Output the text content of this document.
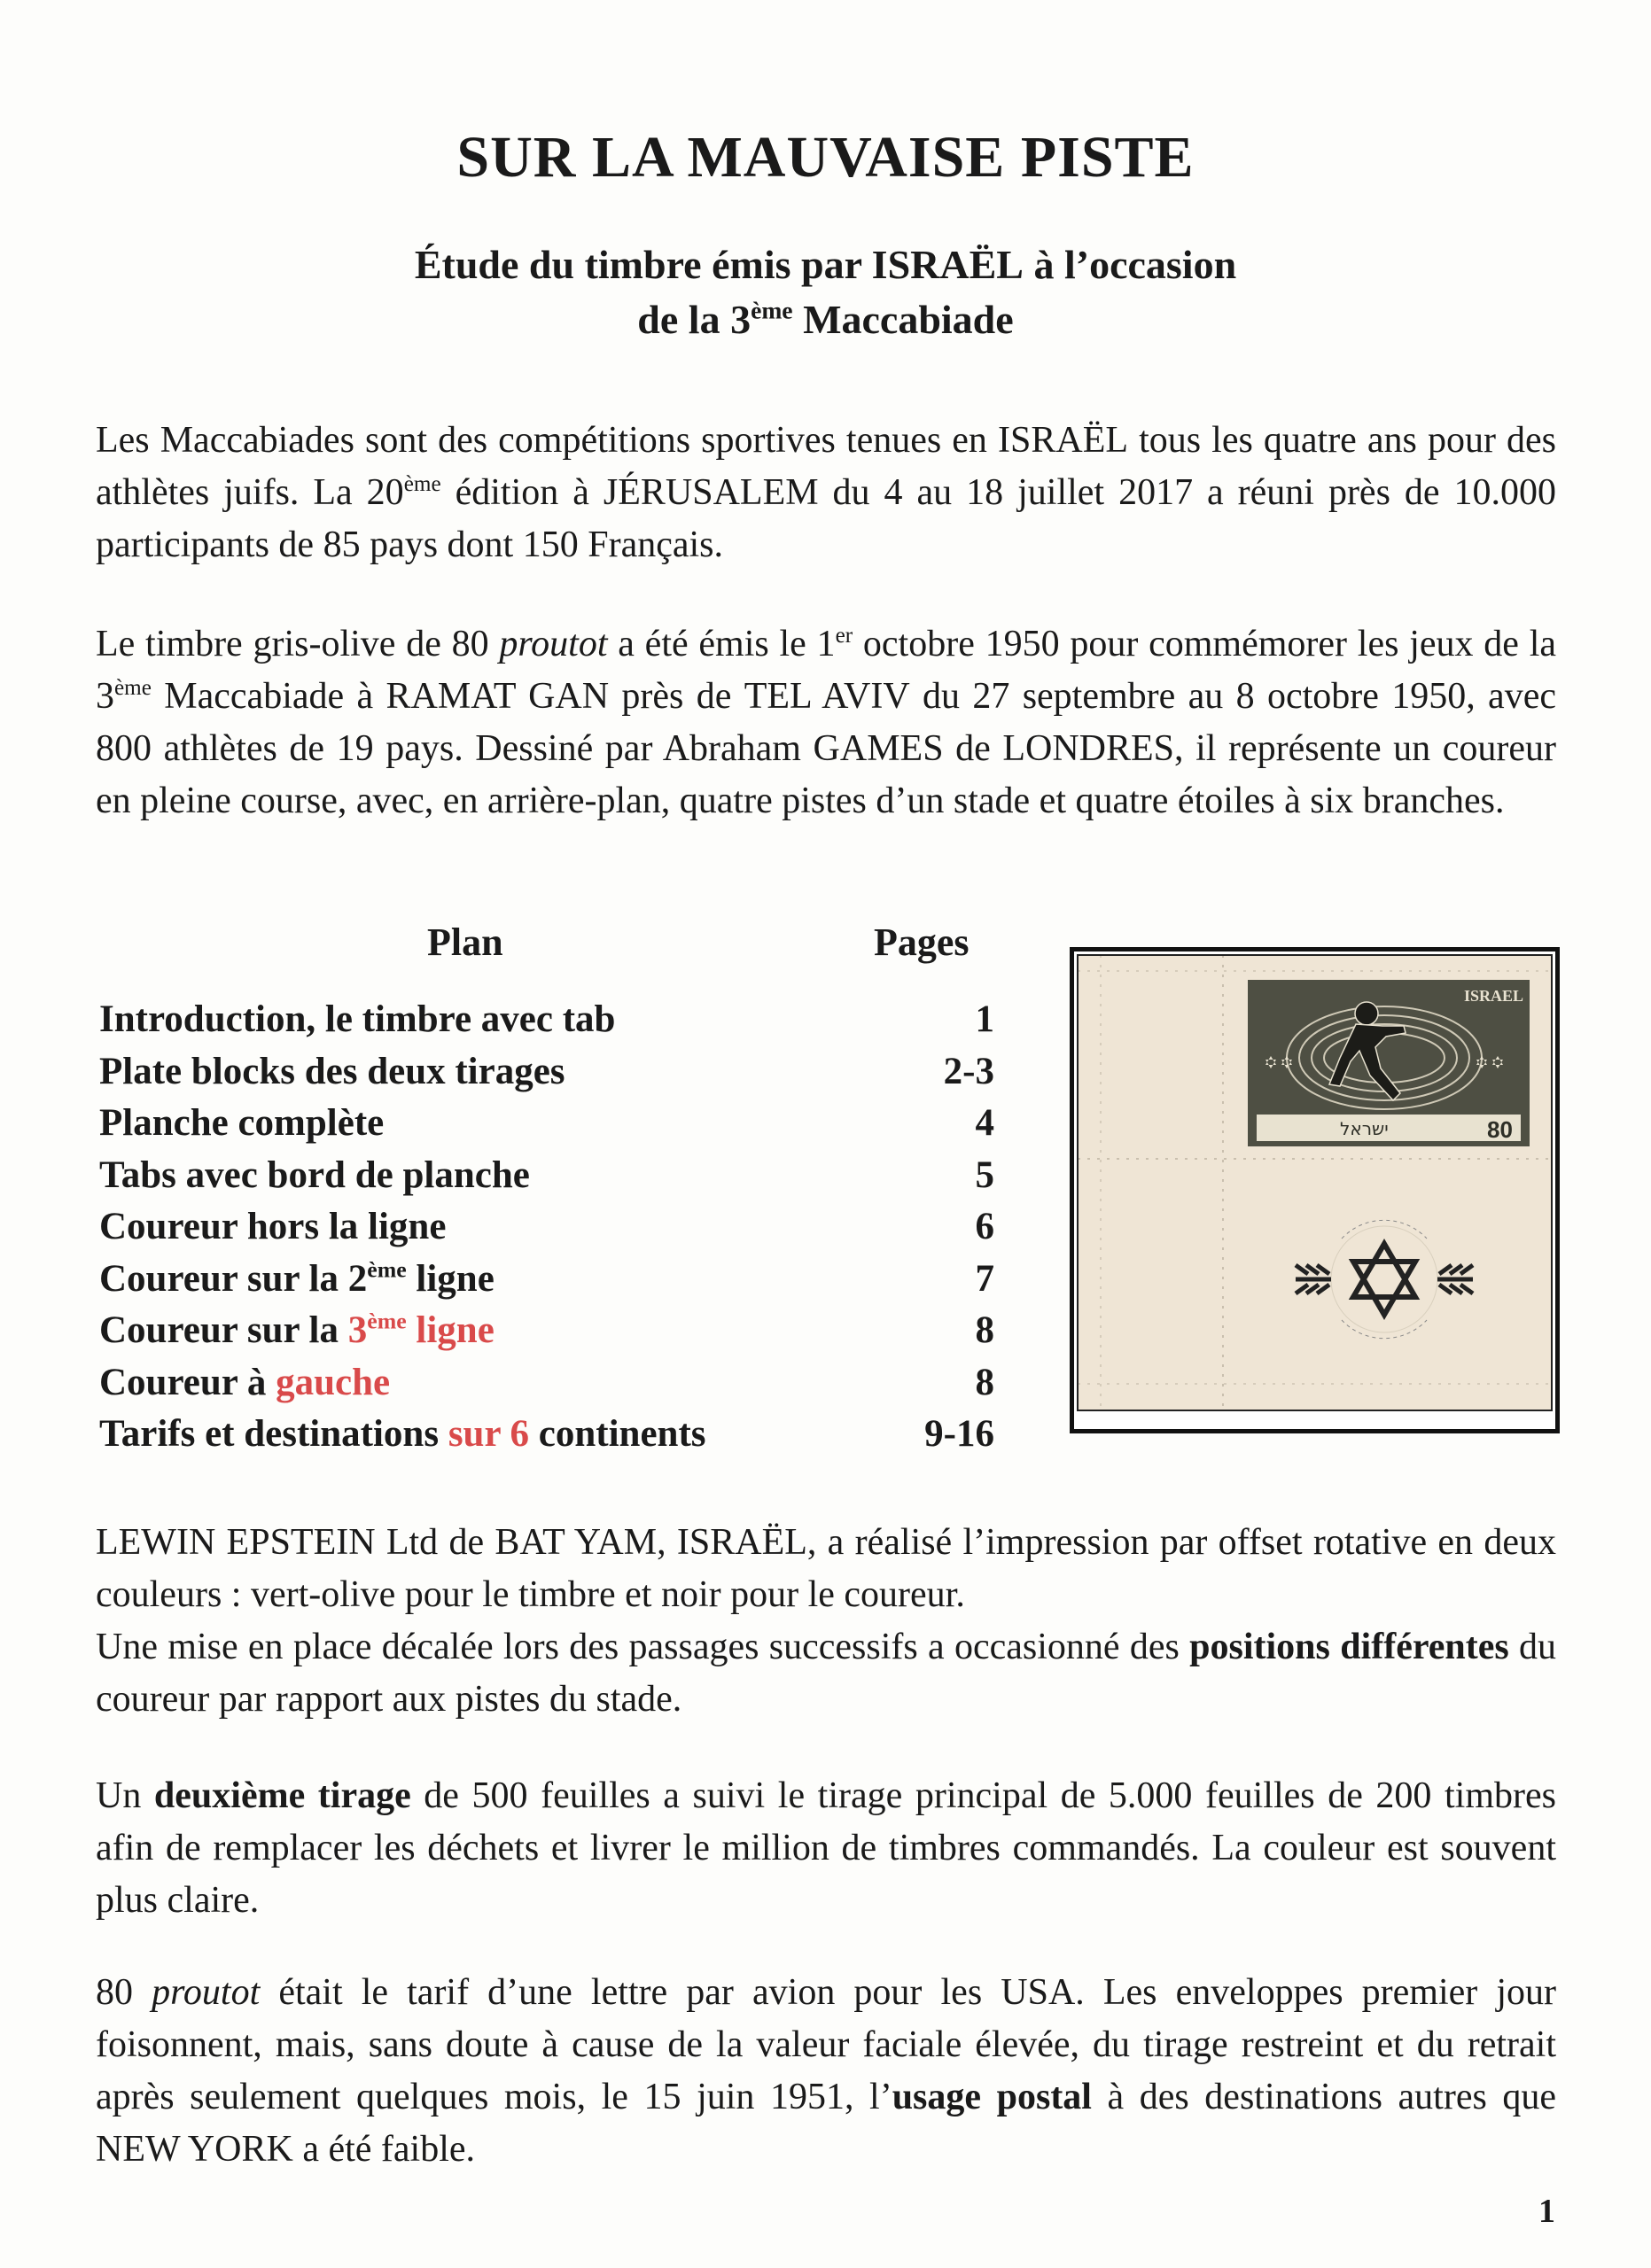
SUR LA MAUVAISE PISTE
Étude du timbre émis par ISRAËL à l’occasion
de la 3ème Maccabiade

Les Maccabiades sont des compétitions sportives tenues en ISRAËL tous les quatre ans pour des athlètes juifs. La 20ème édition à JÉRUSALEM du 4 au 18 juillet 2017 a réuni près de 10.000 participants de 85 pays dont 150 Français.

Le timbre gris-olive de 80 proutot a été émis le 1er octobre 1950 pour commémorer les jeux de la 3ème Maccabiade à RAMAT GAN près de TEL AVIV du 27 septembre au 8 octobre 1950, avec 800 athlètes de 19 pays. Dessiné par Abraham GAMES de LONDRES, il représente un coureur en pleine course, avec, en arrière-plan, quatre pistes d’un stade et quatre étoiles à six branches.

Plan	Pages
Introduction, le timbre avec tab	1
Plate blocks des deux tirages	2-3
Planche complète	4
Tabs avec bord de planche	5
Coureur hors la ligne	6
Coureur sur la 2ème ligne	7
Coureur sur la 3ème ligne	8
Coureur à gauche	8
Tarifs et destinations sur 6 continents	9-16
ISRAEL
ישראל	80

LEWIN EPSTEIN Ltd de BAT YAM, ISRAËL, a réalisé l’impression par offset rotative en deux couleurs : vert-olive pour le timbre et noir pour le coureur.

Une mise en place décalée lors des passages successifs a occasionné des positions différentes du coureur par rapport aux pistes du stade.

Un deuxième tirage de 500 feuilles a suivi le tirage principal de 5.000 feuilles de 200 timbres afin de remplacer les déchets et livrer le million de timbres commandés. La couleur est souvent plus claire.

80 proutot était le tarif d’une lettre par avion pour les USA. Les enveloppes premier jour foisonnent, mais, sans doute à cause de la valeur faciale élevée, du tirage restreint et du retrait après seulement quelques mois, le 15 juin 1951, l’usage postal à des destinations autres que NEW YORK a été faible.

1
